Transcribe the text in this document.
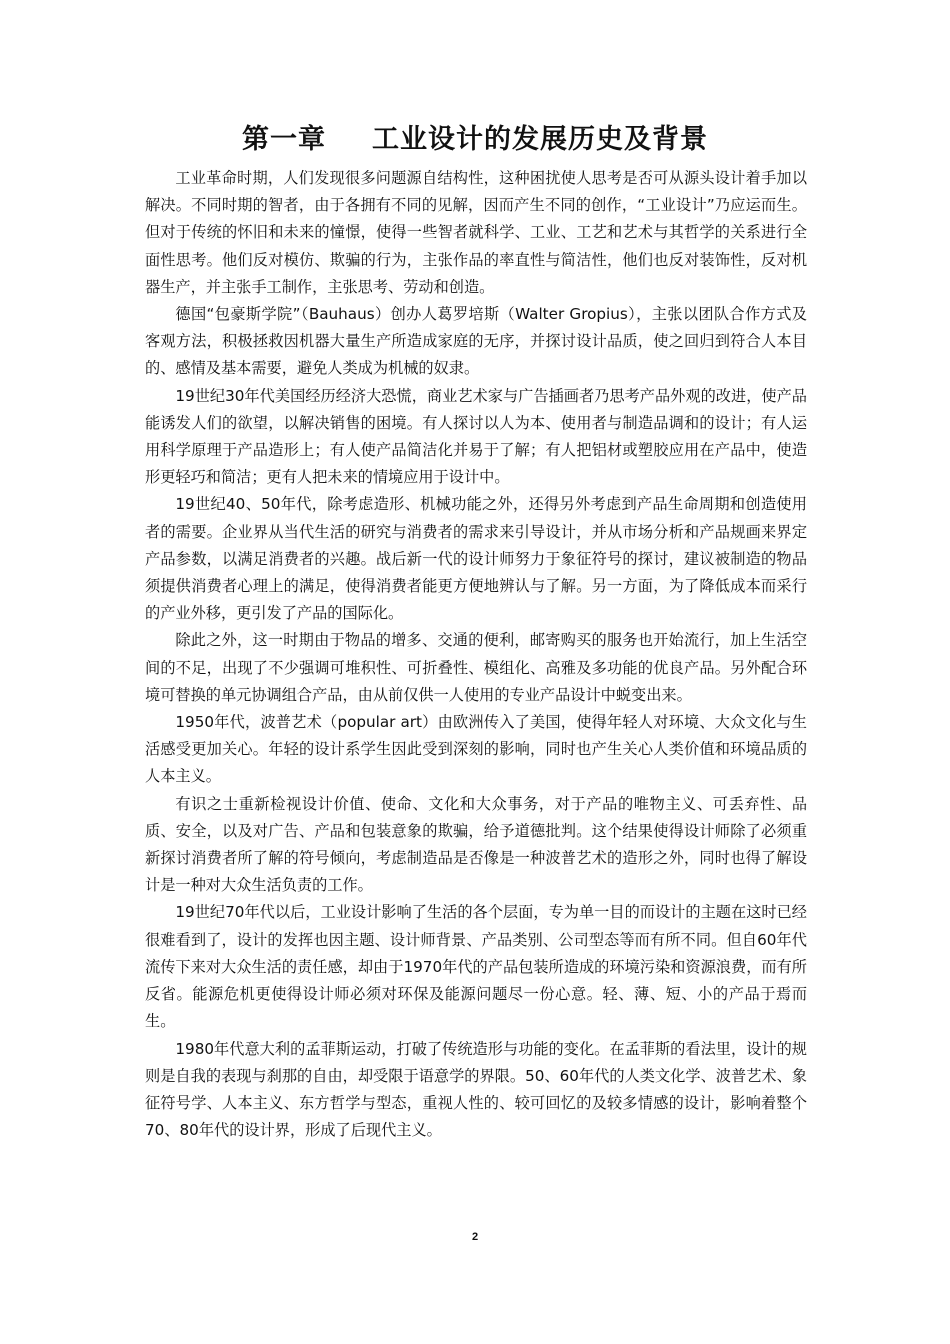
第一章 工业设计的发展历史及背景

工业革命时期，人们发现很多问题源自结构性，这种困扰使人思考是否可从源头设计着手加以解决。不同时期的智者，由于各拥有不同的见解，因而产生不同的创作，“工业设计”乃应运而生。但对于传统的怀旧和未来的憧憬，使得一些智者就科学、工业、工艺和艺术与其哲学的关系进行全面性思考。他们反对模仿、欺骗的行为，主张作品的率直性与简洁性，他们也反对装饰性，反对机器生产，并主张手工制作，主张思考、劳动和创造。

德国“包豪斯学院”（Bauhaus）创办人葛罗培斯（Walter Gropius），主张以团队合作方式及客观方法，积极拯救因机器大量生产所造成家庭的无序，并探讨设计品质，使之回归到符合人本目的、感情及基本需要，避免人类成为机械的奴隶。

19世纪30年代美国经历经济大恐慌，商业艺术家与广告插画者乃思考产品外观的改进，使产品能诱发人们的欲望，以解决销售的困境。有人探讨以人为本、使用者与制造品调和的设计；有人运用科学原理于产品造形上；有人使产品简洁化并易于了解；有人把铝材或塑胶应用在产品中，使造形更轻巧和简洁；更有人把未来的情境应用于设计中。

19世纪40、50年代，除考虑造形、机械功能之外，还得另外考虑到产品生命周期和创造使用者的需要。企业界从当代生活的研究与消费者的需求来引导设计，并从市场分析和产品规画来界定产品参数，以满足消费者的兴趣。战后新一代的设计师努力于象征符号的探讨，建议被制造的物品须提供消费者心理上的满足，使得消费者能更方便地辨认与了解。另一方面，为了降低成本而采行的产业外移，更引发了产品的国际化。

除此之外，这一时期由于物品的增多、交通的便利，邮寄购买的服务也开始流行，加上生活空间的不足，出现了不少强调可堆积性、可折叠性、模组化、高雅及多功能的优良产品。另外配合环境可替换的单元协调组合产品，由从前仅供一人使用的专业产品设计中蜕变出来。

1950年代，波普艺术（popular art）由欧洲传入了美国，使得年轻人对环境、大众文化与生活感受更加关心。年轻的设计系学生因此受到深刻的影响，同时也产生关心人类价值和环境品质的人本主义。

有识之士重新检视设计价值、使命、文化和大众事务，对于产品的唯物主义、可丢弃性、品质、安全，以及对广告、产品和包装意象的欺骗，给予道德批判。这个结果使得设计师除了必须重新探讨消费者所了解的符号倾向，考虑制造品是否像是一种波普艺术的造形之外，同时也得了解设计是一种对大众生活负责的工作。

19世纪70年代以后，工业设计影响了生活的各个层面，专为单一目的而设计的主题在这时已经很难看到了，设计的发挥也因主题、设计师背景、产品类别、公司型态等而有所不同。但自60年代流传下来对大众生活的责任感，却由于1970年代的产品包装所造成的环境污染和资源浪费，而有所反省。能源危机更使得设计师必须对环保及能源问题尽一份心意。轻、薄、短、小的产品于焉而生。

1980年代意大利的孟菲斯运动，打破了传统造形与功能的变化。在孟菲斯的看法里，设计的规则是自我的表现与刹那的自由，却受限于语意学的界限。50、60年代的人类文化学、波普艺术、象征符号学、人本主义、东方哲学与型态，重视人性的、较可回忆的及较多情感的设计，影响着整个70、80年代的设计界，形成了后现代主义。

2
